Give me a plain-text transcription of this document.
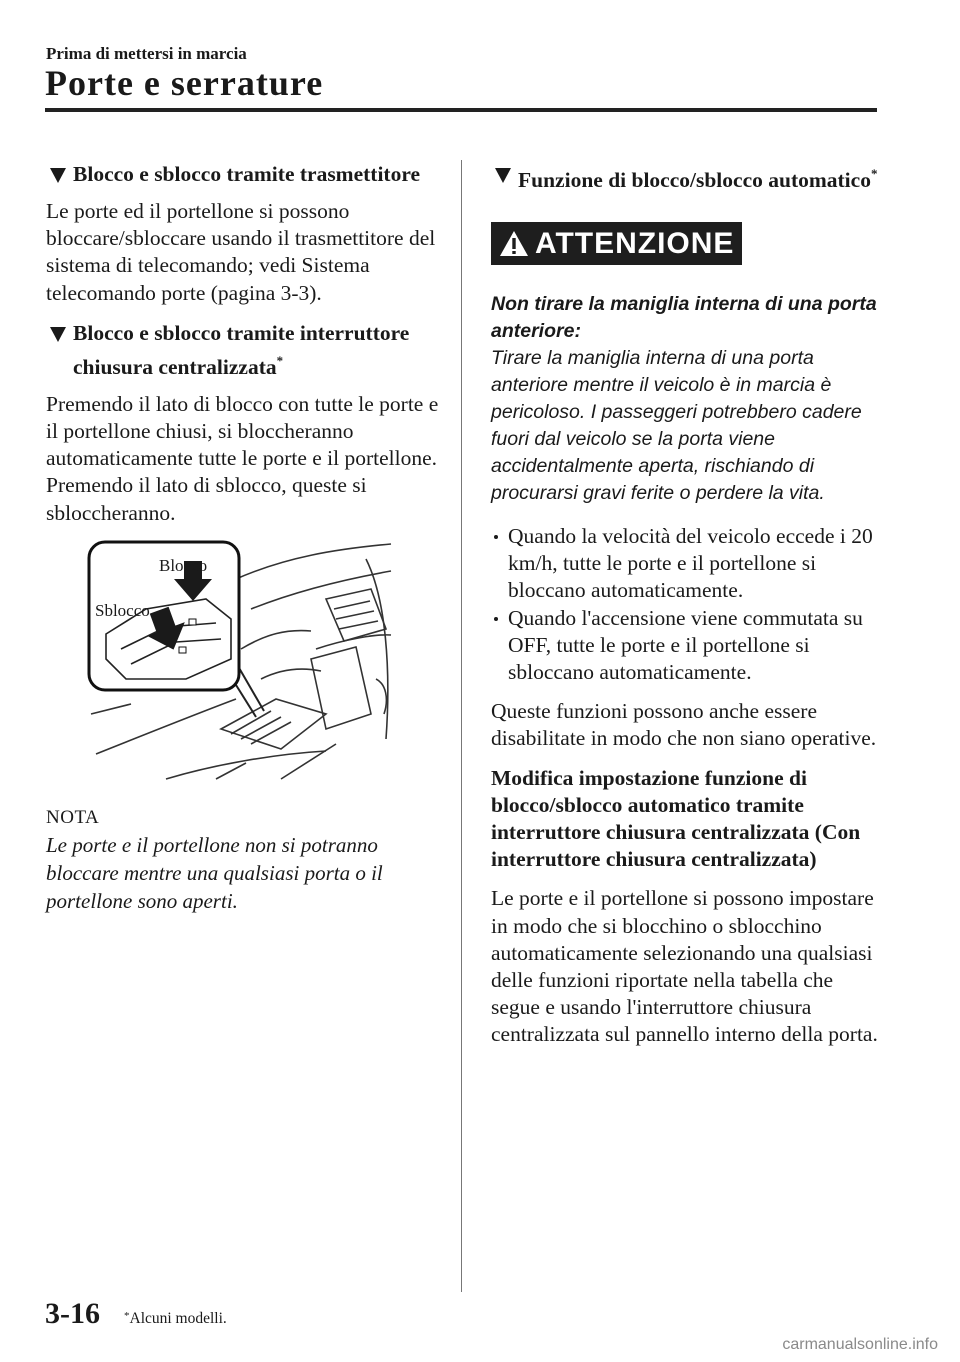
Prima di mettersi in marcia
Porte e serrature
Blocco e sblocco tramite trasmettitore

Le porte ed il portellone si possono bloccare/sbloccare usando il trasmettitore del sistema di telecomando; vedi Sistema telecomando porte (pagina 3-3).

Blocco e sblocco tramite interruttore chiusura centralizzata*

Premendo il lato di blocco con tutte le porte e il portellone chiusi, si bloccheranno automaticamente tutte le porte e il portellone.

Premendo il lato di sblocco, queste si sbloccheranno.

Blocco
Sblocco
NOTA

Le porte e il portellone non si potranno bloccare mentre una qualsiasi porta o il portellone sono aperti.

Funzione di blocco/sblocco automatico*
ATTENZIONE

Non tirare la maniglia interna di una porta anteriore:

Tirare la maniglia interna di una porta anteriore mentre il veicolo è in marcia è pericoloso. I passeggeri potrebbero cadere fuori dal veicolo se la porta viene accidentalmente aperta, rischiando di procurarsi gravi ferite o perdere la vita.

Quando la velocità del veicolo eccede i 20 km/h, tutte le porte e il portellone si bloccano automaticamente.
Quando l'accensione viene commutata su OFF, tutte le porte e il portellone si sbloccano automaticamente.

Queste funzioni possono anche essere disabilitate in modo che non siano operative.

Modifica impostazione funzione di blocco/sblocco automatico tramite interruttore chiusura centralizzata (Con interruttore chiusura centralizzata)

Le porte e il portellone si possono impostare in modo che si blocchino o sblocchino automaticamente selezionando una qualsiasi delle funzioni riportate nella tabella che segue e usando l'interruttore chiusura centralizzata sul pannello interno della porta.

3-16 *Alcuni modelli.
carmanualsonline.info
